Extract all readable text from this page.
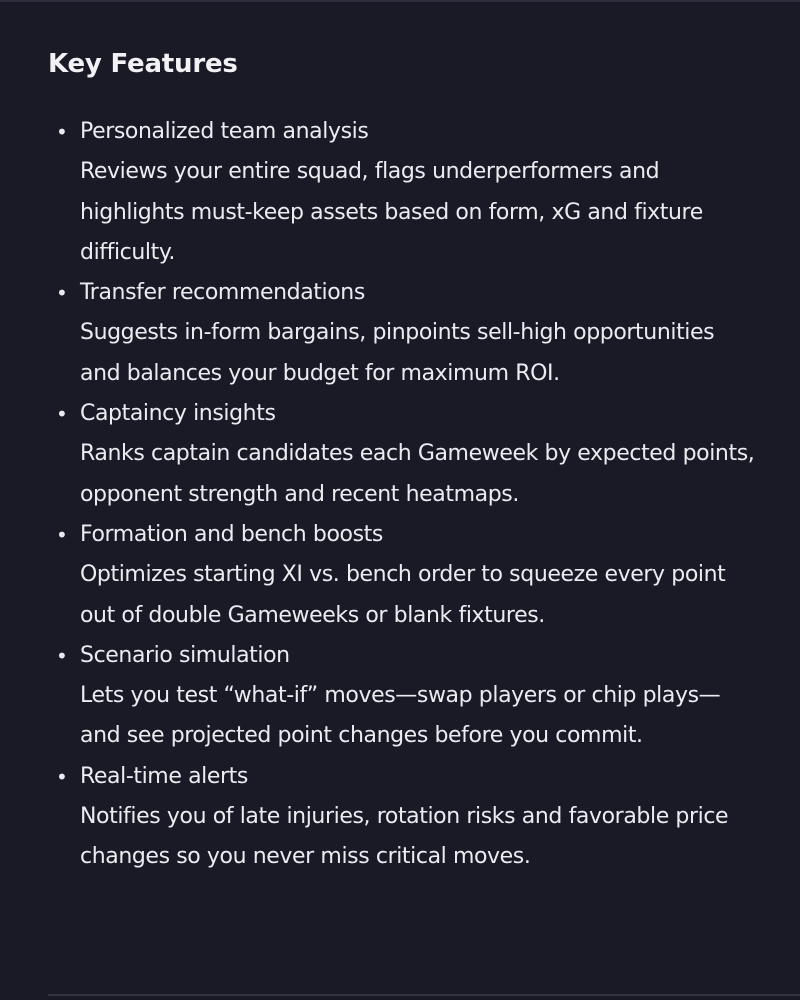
Key Features
• Personalized team analysis
Reviews your entire squad, flags underperformers and highlights must-keep assets based on form, xG and fixture difficulty.
• Transfer recommendations
Suggests in-form bargains, pinpoints sell-high opportunities and balances your budget for maximum ROI.
• Captaincy insights
Ranks captain candidates each Gameweek by expected points, opponent strength and recent heatmaps.
• Formation and bench boosts
Optimizes starting XI vs. bench order to squeeze every point out of double Gameweeks or blank fixtures.
• Scenario simulation
Lets you test “what-if” moves—swap players or chip plays—and see projected point changes before you commit.
• Real-time alerts
Notifies you of late injuries, rotation risks and favorable price changes so you never miss critical moves.
